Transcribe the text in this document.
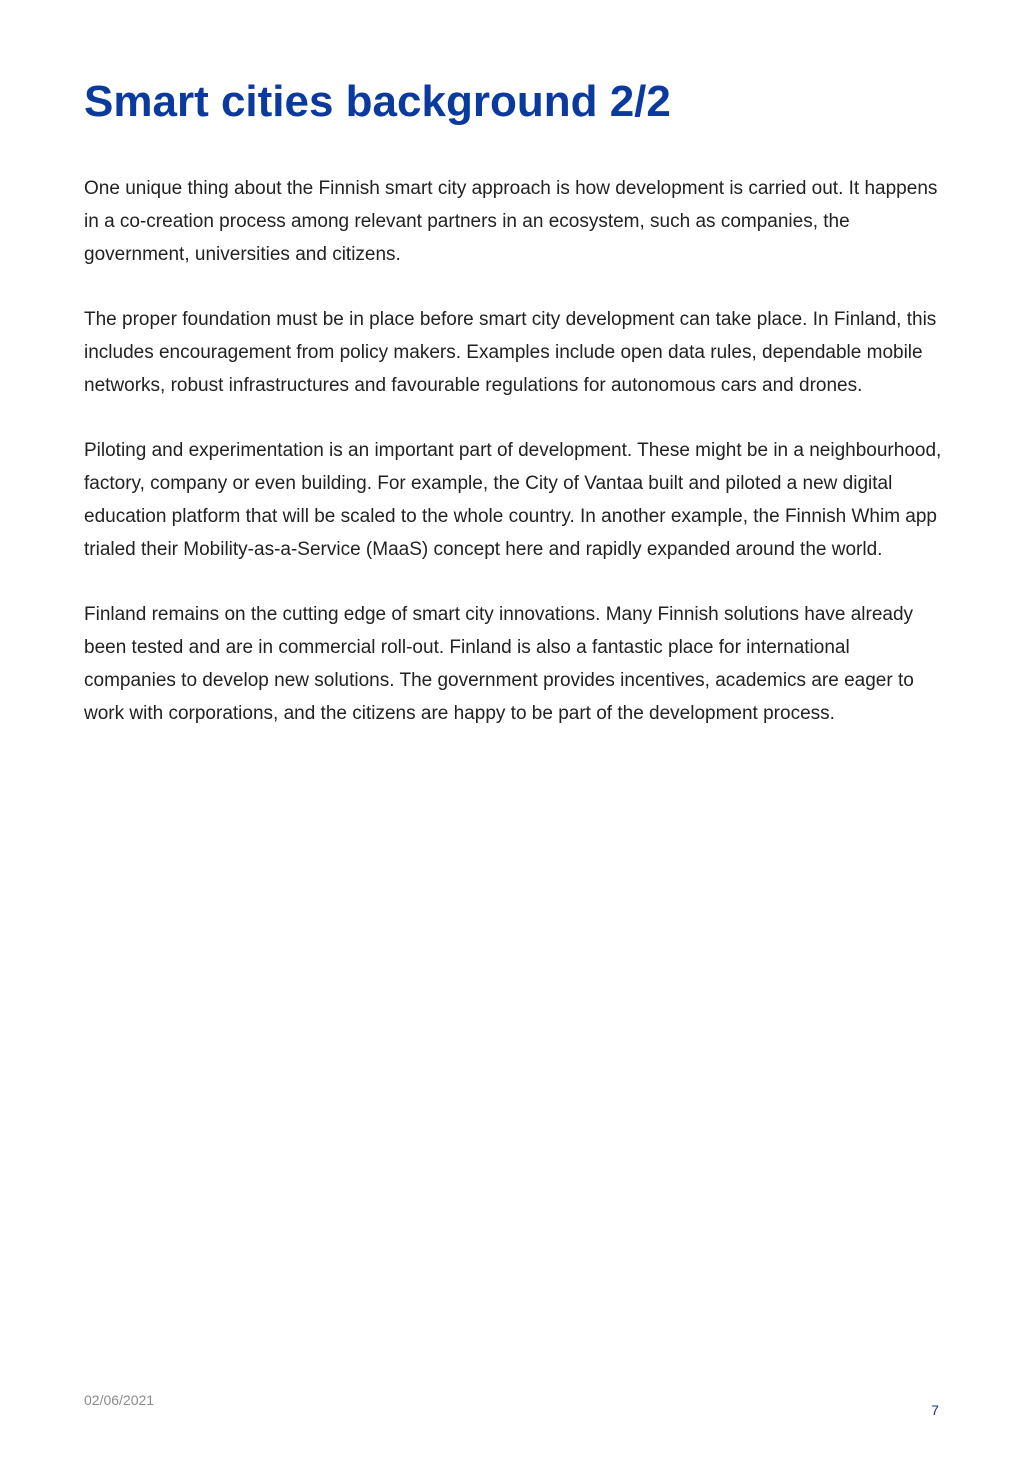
Smart cities background 2/2

One unique thing about the Finnish smart city approach is how development is carried out. It happens in a co-creation process among relevant partners in an ecosystem, such as companies, the government, universities and citizens.

The proper foundation must be in place before smart city development can take place. In Finland, this includes encouragement from policy makers. Examples include open data rules, dependable mobile networks, robust infrastructures and favourable regulations for autonomous cars and drones.

Piloting and experimentation is an important part of development. These might be in a neighbourhood, factory, company or even building. For example, the City of Vantaa built and piloted a new digital education platform that will be scaled to the whole country. In another example, the Finnish Whim app trialed their Mobility-as-a-Service (MaaS) concept here and rapidly expanded around the world.

Finland remains on the cutting edge of smart city innovations. Many Finnish solutions have already been tested and are in commercial roll-out. Finland is also a fantastic place for international companies to develop new solutions. The government provides incentives, academics are eager to work with corporations, and the citizens are happy to be part of the development process.

02/06/2021
7
